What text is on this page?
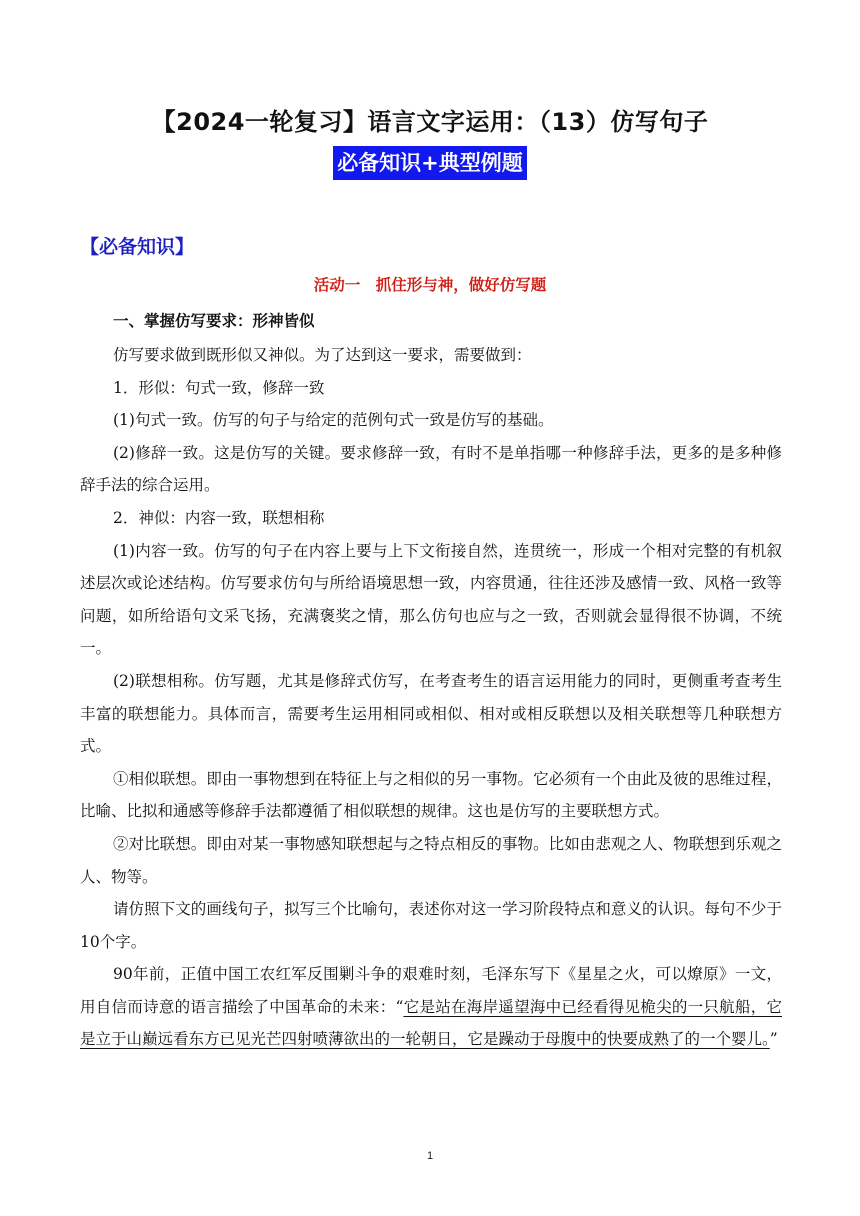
【2024一轮复习】语言文字运用：（13）仿写句子
必备知识+典型例题
【必备知识】
活动一　抓住形与神，做好仿写题
一、掌握仿写要求：形神皆似

仿写要求做到既形似又神似。为了达到这一要求，需要做到：

1．形似：句式一致，修辞一致

(1)句式一致。仿写的句子与给定的范例句式一致是仿写的基础。

(2)修辞一致。这是仿写的关键。要求修辞一致，有时不是单指哪一种修辞手法，更多的是多种修辞手法的综合运用。

2．神似：内容一致，联想相称

(1)内容一致。仿写的句子在内容上要与上下文衔接自然，连贯统一，形成一个相对完整的有机叙述层次或论述结构。仿写要求仿句与所给语境思想一致，内容贯通，往往还涉及感情一致、风格一致等问题，如所给语句文采飞扬，充满褒奖之情，那么仿句也应与之一致，否则就会显得很不协调，不统一。

(2)联想相称。仿写题，尤其是修辞式仿写，在考查考生的语言运用能力的同时，更侧重考查考生丰富的联想能力。具体而言，需要考生运用相同或相似、相对或相反联想以及相关联想等几种联想方式。

①相似联想。即由一事物想到在特征上与之相似的另一事物。它必须有一个由此及彼的思维过程，比喻、比拟和通感等修辞手法都遵循了相似联想的规律。这也是仿写的主要联想方式。

②对比联想。即由对某一事物感知联想起与之特点相反的事物。比如由悲观之人、物联想到乐观之人、物等。

请仿照下文的画线句子，拟写三个比喻句，表述你对这一学习阶段特点和意义的认识。每句不少于10个字。

90年前，正值中国工农红军反围剿斗争的艰难时刻，毛泽东写下《星星之火，可以燎原》一文，用自信而诗意的语言描绘了中国革命的未来：“它是站在海岸遥望海中已经看得见桅尖的一只航船，它是立于山巅远看东方已见光芒四射喷薄欲出的一轮朝日，它是躁动于母腹中的快要成熟了的一个婴儿。”

1
